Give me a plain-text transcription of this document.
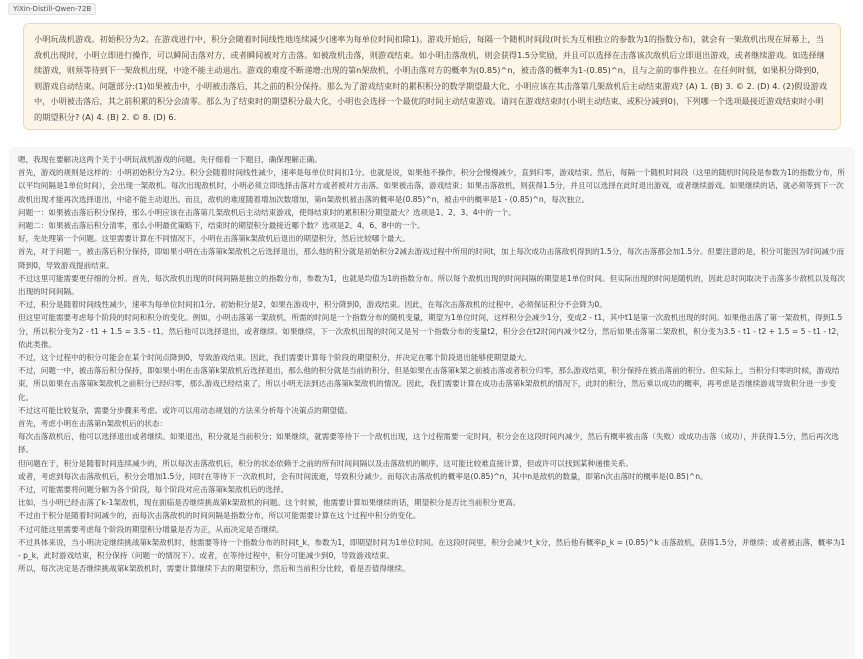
YiXin-Distill-Qwen-72B
小明玩战机游戏。初始积分为2。在游戏进行中，积分会随着时间线性地连续减少(速率为每单位时间扣除1)。游戏开始后，每隔一个随机时间段(时长为互相独立的参数为1的指数分布)，就会有一架敌机出现在屏幕上，当敌机出现时，小明立即进行操作，可以瞬间击落对方，或者瞬间被对方击落。如被敌机击落，则游戏结束。如小明击落敌机，则会获得1.5分奖励，并且可以选择在击落该次敌机后立即退出游戏，或者继续游戏。如选择继续游戏，则须等待到下一架敌机出现，中途不能主动退出。游戏的难度不断递增:出现的第n架敌机，小明击落对方的概率为(0.85)^n，被击落的概率为1-(0.85)^n，且与之前的事件独立。在任何时刻，如果积分降到0，则游戏自动结束。问题部分:(1)如果被击中，小明被击落后，其之前的积分保持。那么为了游戏结束时的累积积分的数学期望最大化，小明应该在其击落第几架敌机后主动结束游戏? (A) 1. (B) 3. © 2. (D) 4. (2)假设游戏中，小明被击落后，其之前积累的积分会清零。那么为了结束时的期望积分最大化，小明也会选择一个最优的时间主动结束游戏。请问在游戏结束时(小明主动结束、或积分减到0)，下列哪一个选项最接近游戏结束时小明的期望积分? (A) 4. (B) 2. © 8. (D) 6.

嗯，我现在要解决这两个关于小明玩战机游戏的问题。先仔细看一下题目，确保理解正确。

首先，游戏的规则是这样的：小明初始积分为2分。积分会随着时间线性减少，速率是每单位时间扣1分。也就是说，如果他不操作，积分会慢慢减少，直到归零，游戏结束。然后，每隔一个随机时间段（这里的随机时间段是参数为1的指数分布，所以平均间隔是1单位时间），会出现一架敌机。每次出现敌机时，小明必须立即选择击落对方或者被对方击落。如果被击落，游戏结束；如果击落敌机，则获得1.5分，并且可以选择在此时退出游戏，或者继续游戏。如果继续的话，就必须等到下一次敌机出现才能再次选择退出，中途不能主动退出。而且，敌机的难度随着增加次数增加，第n架敌机被击落的概率是(0.85)^n，被击中的概率是1 - (0.85)^n，每次独立。

问题一：如果被击落后积分保持，那么小明应该在击落第几架敌机后主动结束游戏，使得结束时的累积积分期望最大？选项是1、2、3、4中的一个。

问题二：如果被击落后积分清零，那么小明最优策略下，结束时的期望积分最接近哪个数？选项是2、4、6、8中的一个。

好，先处理第一个问题。这里需要计算在不同情况下，小明在击落第k架敌机后退出的期望积分，然后比较哪个最大。

首先，对于问题一，被击落后积分保持，即如果小明在击落第k架敌机之后选择退出，那么他的积分就是初始积分2减去游戏过程中所用的时间t，加上每次成功击落敌机得到的1.5分，每次击落都会加1.5分。但要注意的是，积分可能因为时间减少而降到0，导致游戏提前结束。

不过这里可能需要更仔细的分析。首先，每次敌机出现的时间间隔是独立的指数分布，参数为1，也就是均值为1的指数分布。所以每个敌机出现的时间间隔的期望是1单位时间。但实际出现的时间是随机的，因此总时间取决于击落多少敌机以及每次出现的时间间隔。

不过，积分是随着时间线性减少，速率为每单位时间扣1分。初始积分是2，如果在游戏中，积分降到0，游戏结束。因此，在每次击落敌机的过程中，必须保证积分不会降为0。

但这里可能需要考虑每个阶段的时间和积分的变化。例如，小明击落第一架敌机，所需的时间是一个指数分布的随机变量，期望为1单位时间，这样积分会减少1分，变成2 - t1，其中t1是第一次敌机出现的时间。如果他击落了第一架敌机，得到1.5分，所以积分变为2 - t1 + 1.5 = 3.5 - t1。然后他可以选择退出，或者继续。如果继续，下一次敌机出现的时间又是另一个指数分布的变量t2，积分会在t2时间内减少t2分，然后如果击落第二架敌机，积分变为3.5 - t1 - t2 + 1.5 = 5 - t1 - t2，依此类推。

不过，这个过程中的积分可能会在某个时间点降到0，导致游戏结束。因此，我们需要计算每个阶段的期望积分，并决定在哪个阶段退出能够使期望最大。

不过，问题一中，被击落后积分保持，即如果小明在击落第k架敌机后选择退出，那么他的积分就是当前的积分，但是如果在击落第k架之前被击落或者积分归零，那么游戏结束，积分保持在被击落前的积分。但实际上，当积分归零的时候，游戏结束，所以如果在击落第k架敌机之前积分已经归零，那么游戏已经结束了，所以小明无法到达击落第k架敌机的情况。因此，我们需要计算在成功击落第k架敌机的情况下，此时的积分，然后乘以成功的概率，再考虑是否继续游戏导致积分进一步变化。

不过这可能比较复杂，需要分步骤来考虑。或许可以用动态规划的方法来分析每个决策点的期望值。

首先，考虑小明在击落第n架敌机后的状态：

每次击落敌机后，他可以选择退出或者继续。如果退出，积分就是当前积分；如果继续，就需要等待下一个敌机出现，这个过程需要一定时间，积分会在这段时间内减少，然后有概率被击落（失败）或成功击落（成功），并获得1.5分，然后再次选择。

但问题在于，积分是随着时间连续减少的，所以每次击落敌机后，积分的状态依赖于之前的所有时间间隔以及击落敌机的顺序。这可能比较难直接计算，但或许可以找到某种递推关系。

或者，考虑到每次击落敌机后，积分会增加1.5分，同时在等待下一次敌机时，会有时间流逝，导致积分减少。而每次击落敌机的概率是(0.85)^n，其中n是敌机的数量，即第n次击落时的概率是(0.85)^n。

不过，可能需要将问题分解为各个阶段，每个阶段对应击落第k架敌机后的选择。

比如，当小明已经击落了k-1架敌机，现在面临是否继续挑战第k架敌机的问题。这个时候，他需要计算如果继续的话，期望积分是否比当前积分更高。

不过由于积分是随着时间减少的，而每次击落敌机的时间间隔是指数分布，所以可能需要计算在这个过程中积分的变化。

不过可能这里需要考虑每个阶段的期望积分增量是否为正，从而决定是否继续。

不过具体来说，当小明决定继续挑战第k架敌机时，他需要等待一个指数分布的时间t_k，参数为1，即期望时间为1单位时间。在这段时间里，积分会减少t_k分，然后他有概率p_k = (0.85)^k 击落敌机，获得1.5分，并继续；或者被击落，概率为1 - p_k，此时游戏结束，积分保持（问题一的情况下）。或者，在等待过程中，积分可能减少到0，导致游戏结束。

所以，每次决定是否继续挑战第k架敌机时，需要计算继续下去的期望积分，然后和当前积分比较，看是否值得继续。
